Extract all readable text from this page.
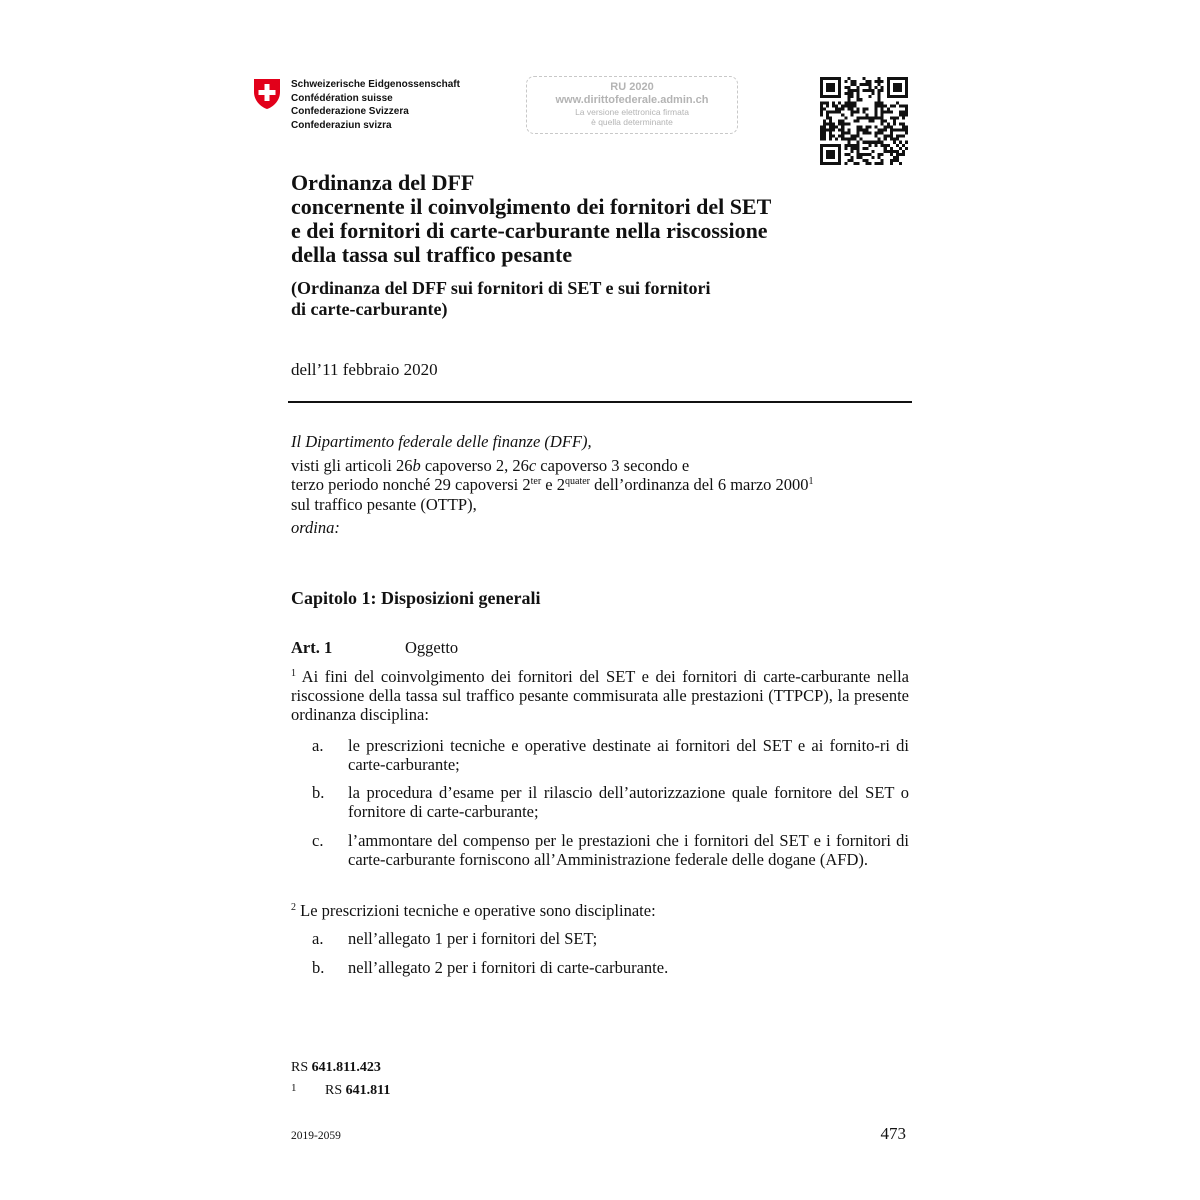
Schweizerische Eidgenossenschaft
Confédération suisse
Confederazione Svizzera
Confederaziun svizra
RU 2020
www.dirittofederale.admin.ch
La versione elettronica firmata
è quella determinante
Ordinanza del DFF
concernente il coinvolgimento dei fornitori del SET
e dei fornitori di carte-carburante nella riscossione
della tassa sul traffico pesante
(Ordinanza del DFF sui fornitori di SET e sui fornitori
di carte-carburante)
dell’11 febbraio 2020
Il Dipartimento federale delle finanze (DFF),
visti gli articoli 26b capoverso 2, 26c capoverso 3 secondo e
terzo periodo nonché 29 capoversi $2^{ter}$ e $2^{quater}$ dell’ordinanza del 6 marzo 2000$^1$
sul traffico pesante (OTTP),
ordina:
Capitolo 1: Disposizioni generali
Art. 1	Oggetto
$^1$ Ai fini del coinvolgimento dei fornitori del SET e dei fornitori di carte-carburante nella riscossione della tassa sul traffico pesante commisurata alle prestazioni (TTPCP), la presente ordinanza disciplina:
a.	le prescrizioni tecniche e operative destinate ai fornitori del SET e ai fornito-ri di carte-carburante;
b.	la procedura d’esame per il rilascio dell’autorizzazione quale fornitore del SET o fornitore di carte-carburante;
c.	l’ammontare del compenso per le prestazioni che i fornitori del SET e i fornitori di carte-carburante forniscono all’Amministrazione federale delle dogane (AFD).
$^2$ Le prescrizioni tecniche e operative sono disciplinate:
a.	nell’allegato 1 per i fornitori del SET;
b.	nell’allegato 2 per i fornitori di carte-carburante.
RS 641.811.423
1 RS 641.811
2019-2059	473
